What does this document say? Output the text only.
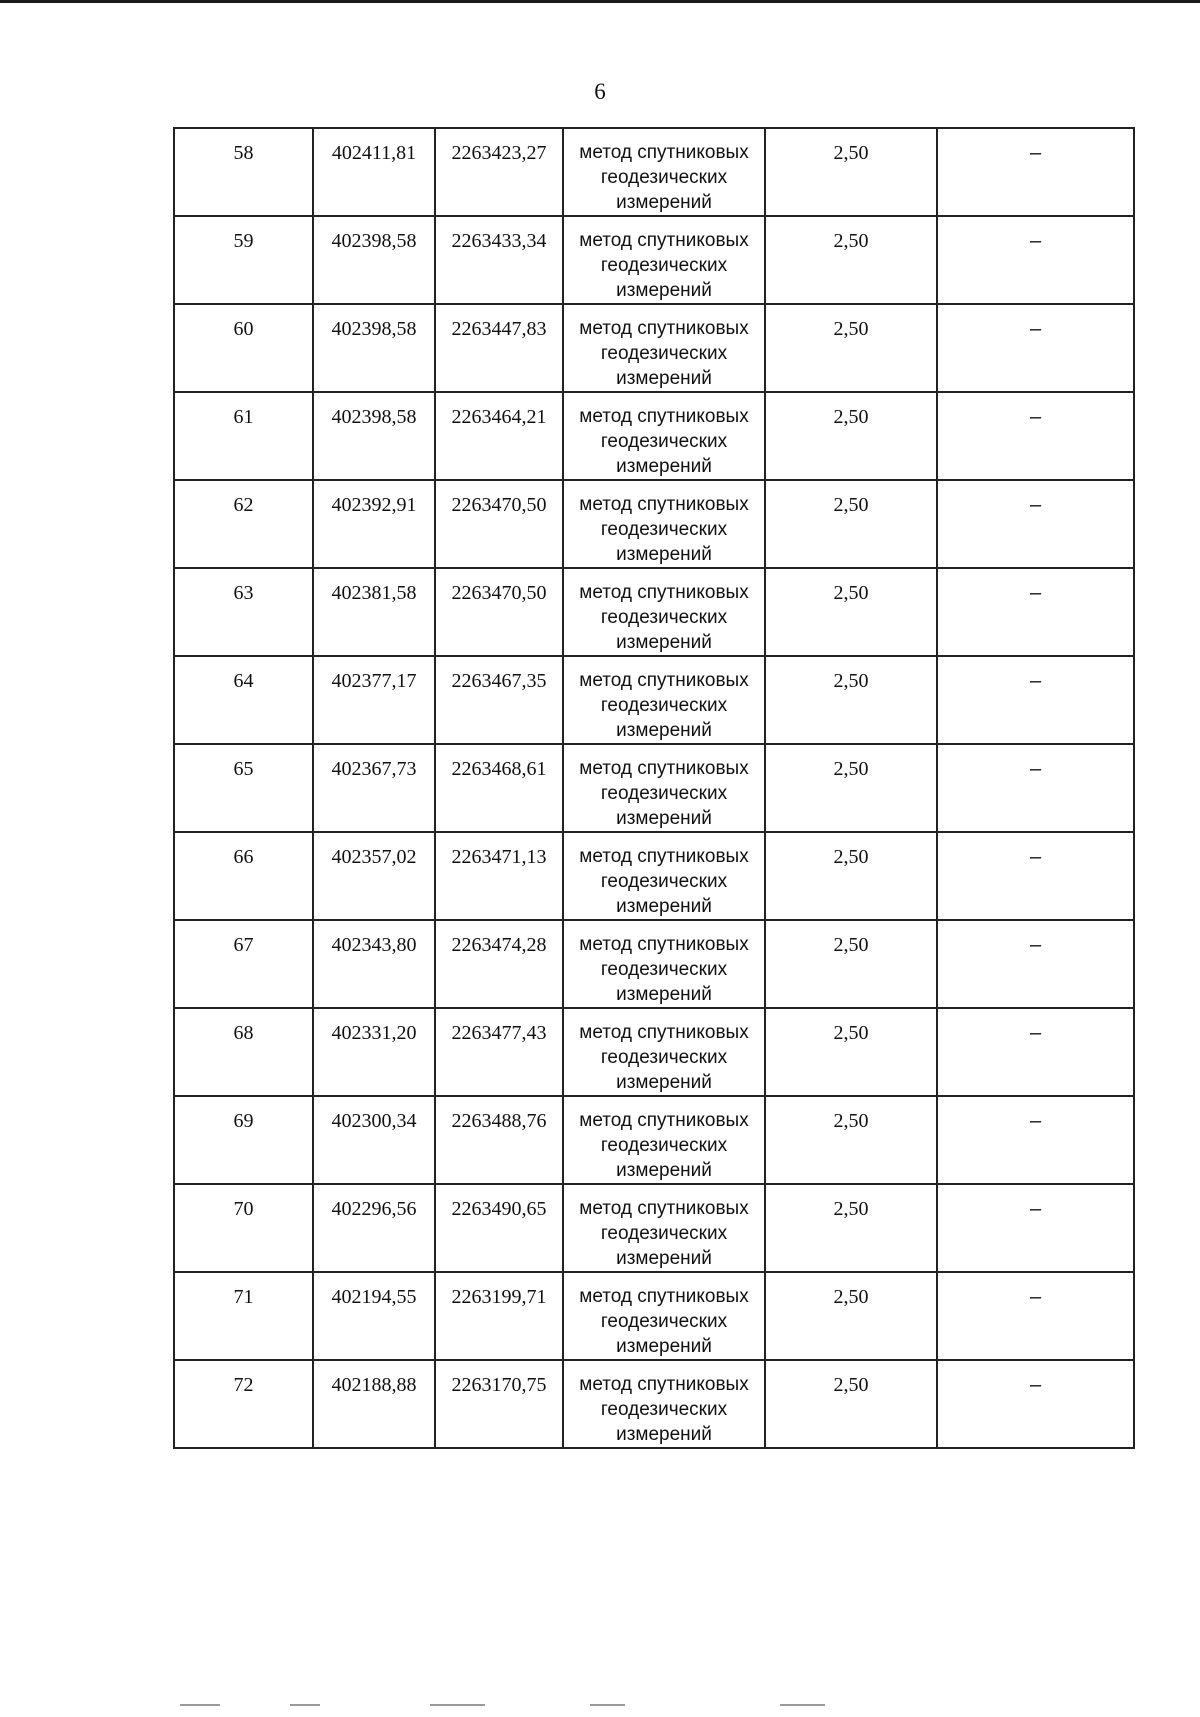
6
58	402411,81	2263423,27	метод спутниковых геодезических измерений	2,50	–
59	402398,58	2263433,34	метод спутниковых геодезических измерений	2,50	–
60	402398,58	2263447,83	метод спутниковых геодезических измерений	2,50	–
61	402398,58	2263464,21	метод спутниковых геодезических измерений	2,50	–
62	402392,91	2263470,50	метод спутниковых геодезических измерений	2,50	–
63	402381,58	2263470,50	метод спутниковых геодезических измерений	2,50	–
64	402377,17	2263467,35	метод спутниковых геодезических измерений	2,50	–
65	402367,73	2263468,61	метод спутниковых геодезических измерений	2,50	–
66	402357,02	2263471,13	метод спутниковых геодезических измерений	2,50	–
67	402343,80	2263474,28	метод спутниковых геодезических измерений	2,50	–
68	402331,20	2263477,43	метод спутниковых геодезических измерений	2,50	–
69	402300,34	2263488,76	метод спутниковых геодезических измерений	2,50	–
70	402296,56	2263490,65	метод спутниковых геодезических измерений	2,50	–
71	402194,55	2263199,71	метод спутниковых геодезических измерений	2,50	–
72	402188,88	2263170,75	метод спутниковых геодезических измерений	2,50	–
